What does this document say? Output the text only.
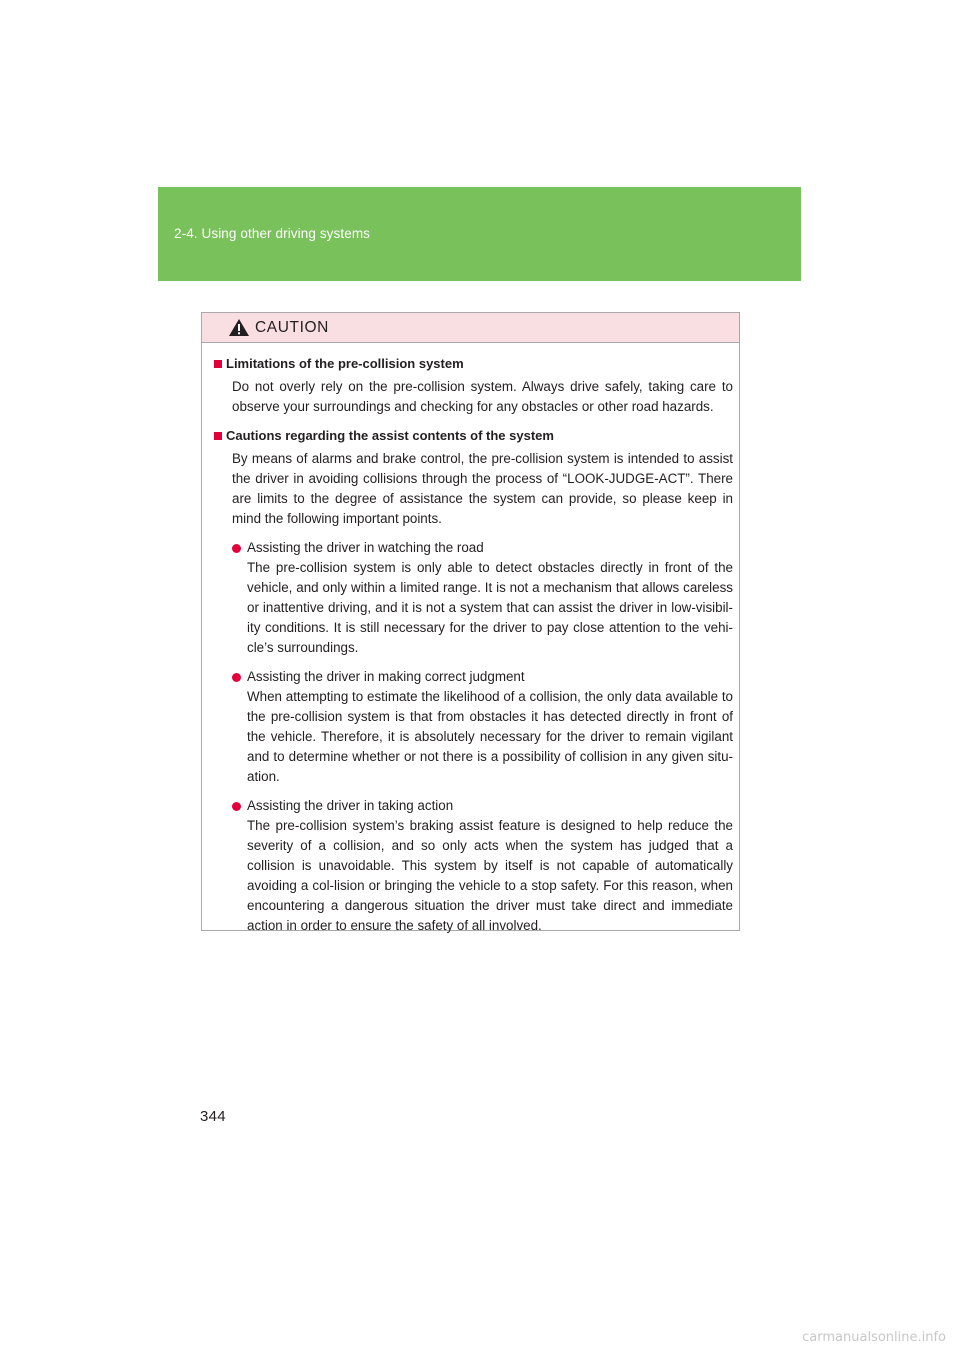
2-4. Using other driving systems
CAUTION
Limitations of the pre-collision system
Do not overly rely on the pre-collision system. Always drive safely, taking care to observe your surroundings and checking for any obstacles or other road hazards.
Cautions regarding the assist contents of the system
By means of alarms and brake control, the pre-collision system is intended to assist the driver in avoiding collisions through the process of “LOOK-JUDGE-ACT”. There are limits to the degree of assistance the system can provide, so please keep in mind the following important points.
Assisting the driver in watching the road
The pre-collision system is only able to detect obstacles directly in front of the vehicle, and only within a limited range. It is not a mechanism that allows careless or inattentive driving, and it is not a system that can assist the driver in low-visibil-ity conditions. It is still necessary for the driver to pay close attention to the vehi-cle’s surroundings.
Assisting the driver in making correct judgment
When attempting to estimate the likelihood of a collision, the only data available to the pre-collision system is that from obstacles it has detected directly in front of the vehicle. Therefore, it is absolutely necessary for the driver to remain vigilant and to determine whether or not there is a possibility of collision in any given situ-ation.
Assisting the driver in taking action
The pre-collision system’s braking assist feature is designed to help reduce the severity of a collision, and so only acts when the system has judged that a collision is unavoidable. This system by itself is not capable of automatically avoiding a col-lision or bringing the vehicle to a stop safety. For this reason, when encountering a dangerous situation the driver must take direct and immediate action in order to ensure the safety of all involved.
344
carmanualsonline.info
